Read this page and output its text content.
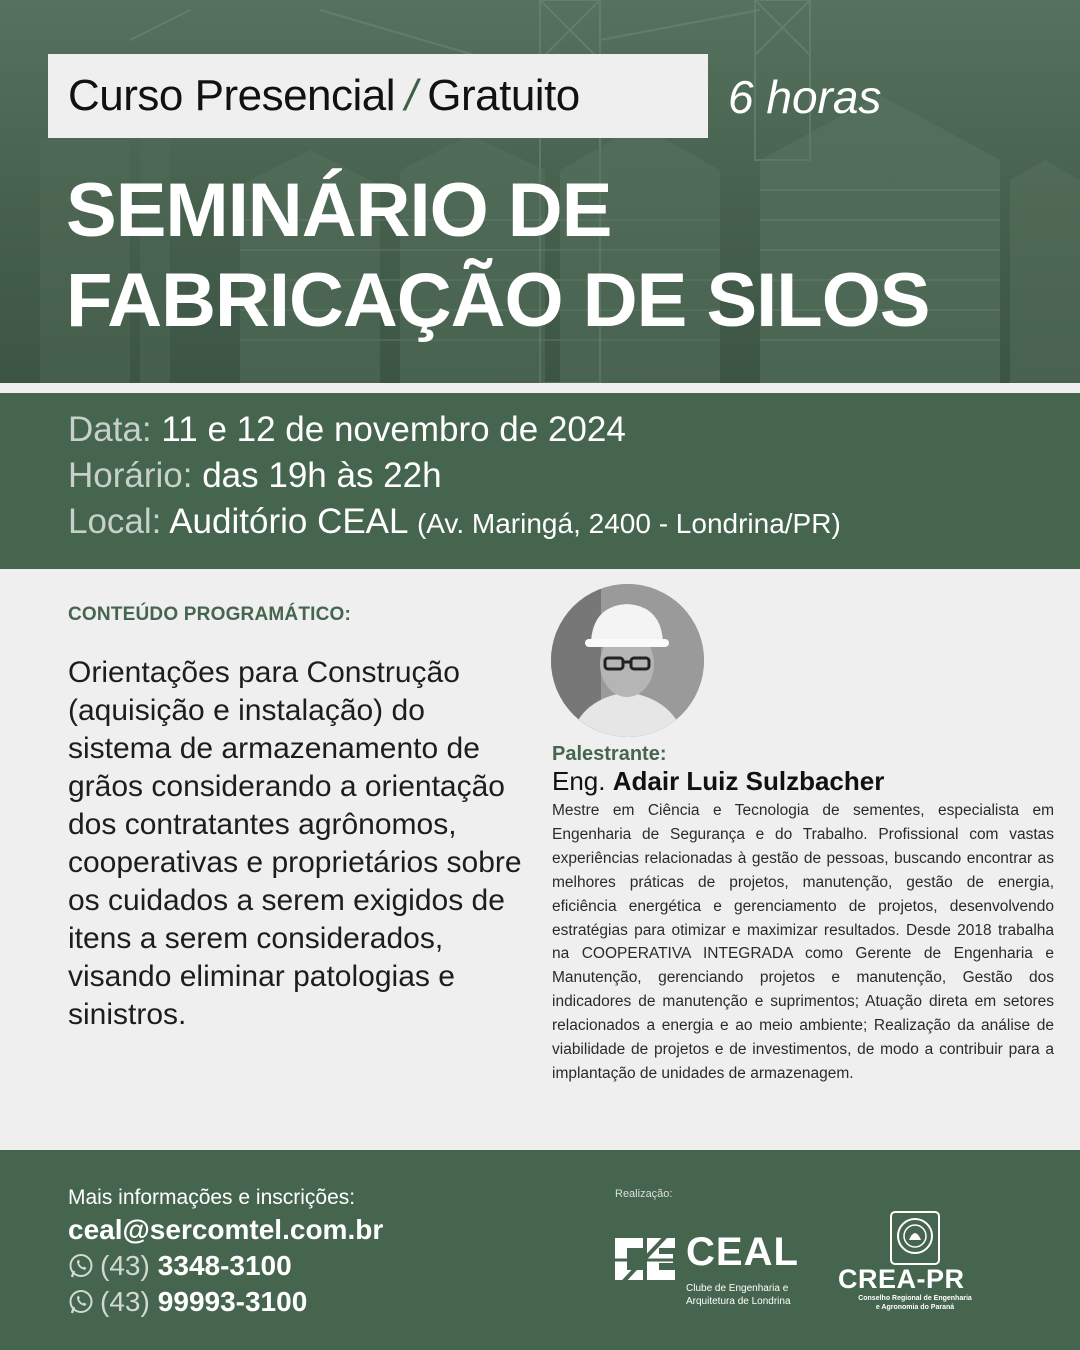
Curso Presencial / Gratuito	6 horas
SEMINÁRIO DE
FABRICAÇÃO DE SILOS
Data: 11 e 12 de novembro de 2024
Horário: das 19h às 22h
Local: Auditório CEAL (Av. Maringá, 2400 - Londrina/PR)
CONTEÚDO PROGRAMÁTICO:
Orientações para Construção (aquisição e instalação) do sistema de armazenamento de grãos considerando a orientação dos contratantes agrônomos, cooperativas e proprietários sobre os cuidados a serem exigidos de itens a serem considerados, visando eliminar patologias e sinistros.
Palestrante:
Eng. Adair Luiz Sulzbacher
Mestre em Ciência e Tecnologia de sementes, especialista em Engenharia de Segurança e do Trabalho. Profissional com vastas experiências relacionadas à gestão de pessoas, buscando encontrar as melhores práticas de projetos, manutenção, gestão de energia, eficiência energética e gerenciamento de projetos, desenvolvendo estratégias para otimizar e maximizar resultados. Desde 2018 trabalha na COOPERATIVA INTEGRADA como Gerente de Engenharia e Manutenção, gerenciando projetos e manutenção, Gestão dos indicadores de manutenção e suprimentos; Atuação direta em setores relacionados a energia e ao meio ambiente; Realização da análise de viabilidade de projetos e de investimentos, de modo a contribuir para a implantação de unidades de armazenagem.
Mais informações e inscrições:
ceal@sercomtel.com.br
(43) 3348-3100
(43) 99993-3100
Realização:
CEAL
Clube de Engenharia e
Arquitetura de Londrina
CREA-PR
Conselho Regional de Engenharia
e Agronomia do Paraná
